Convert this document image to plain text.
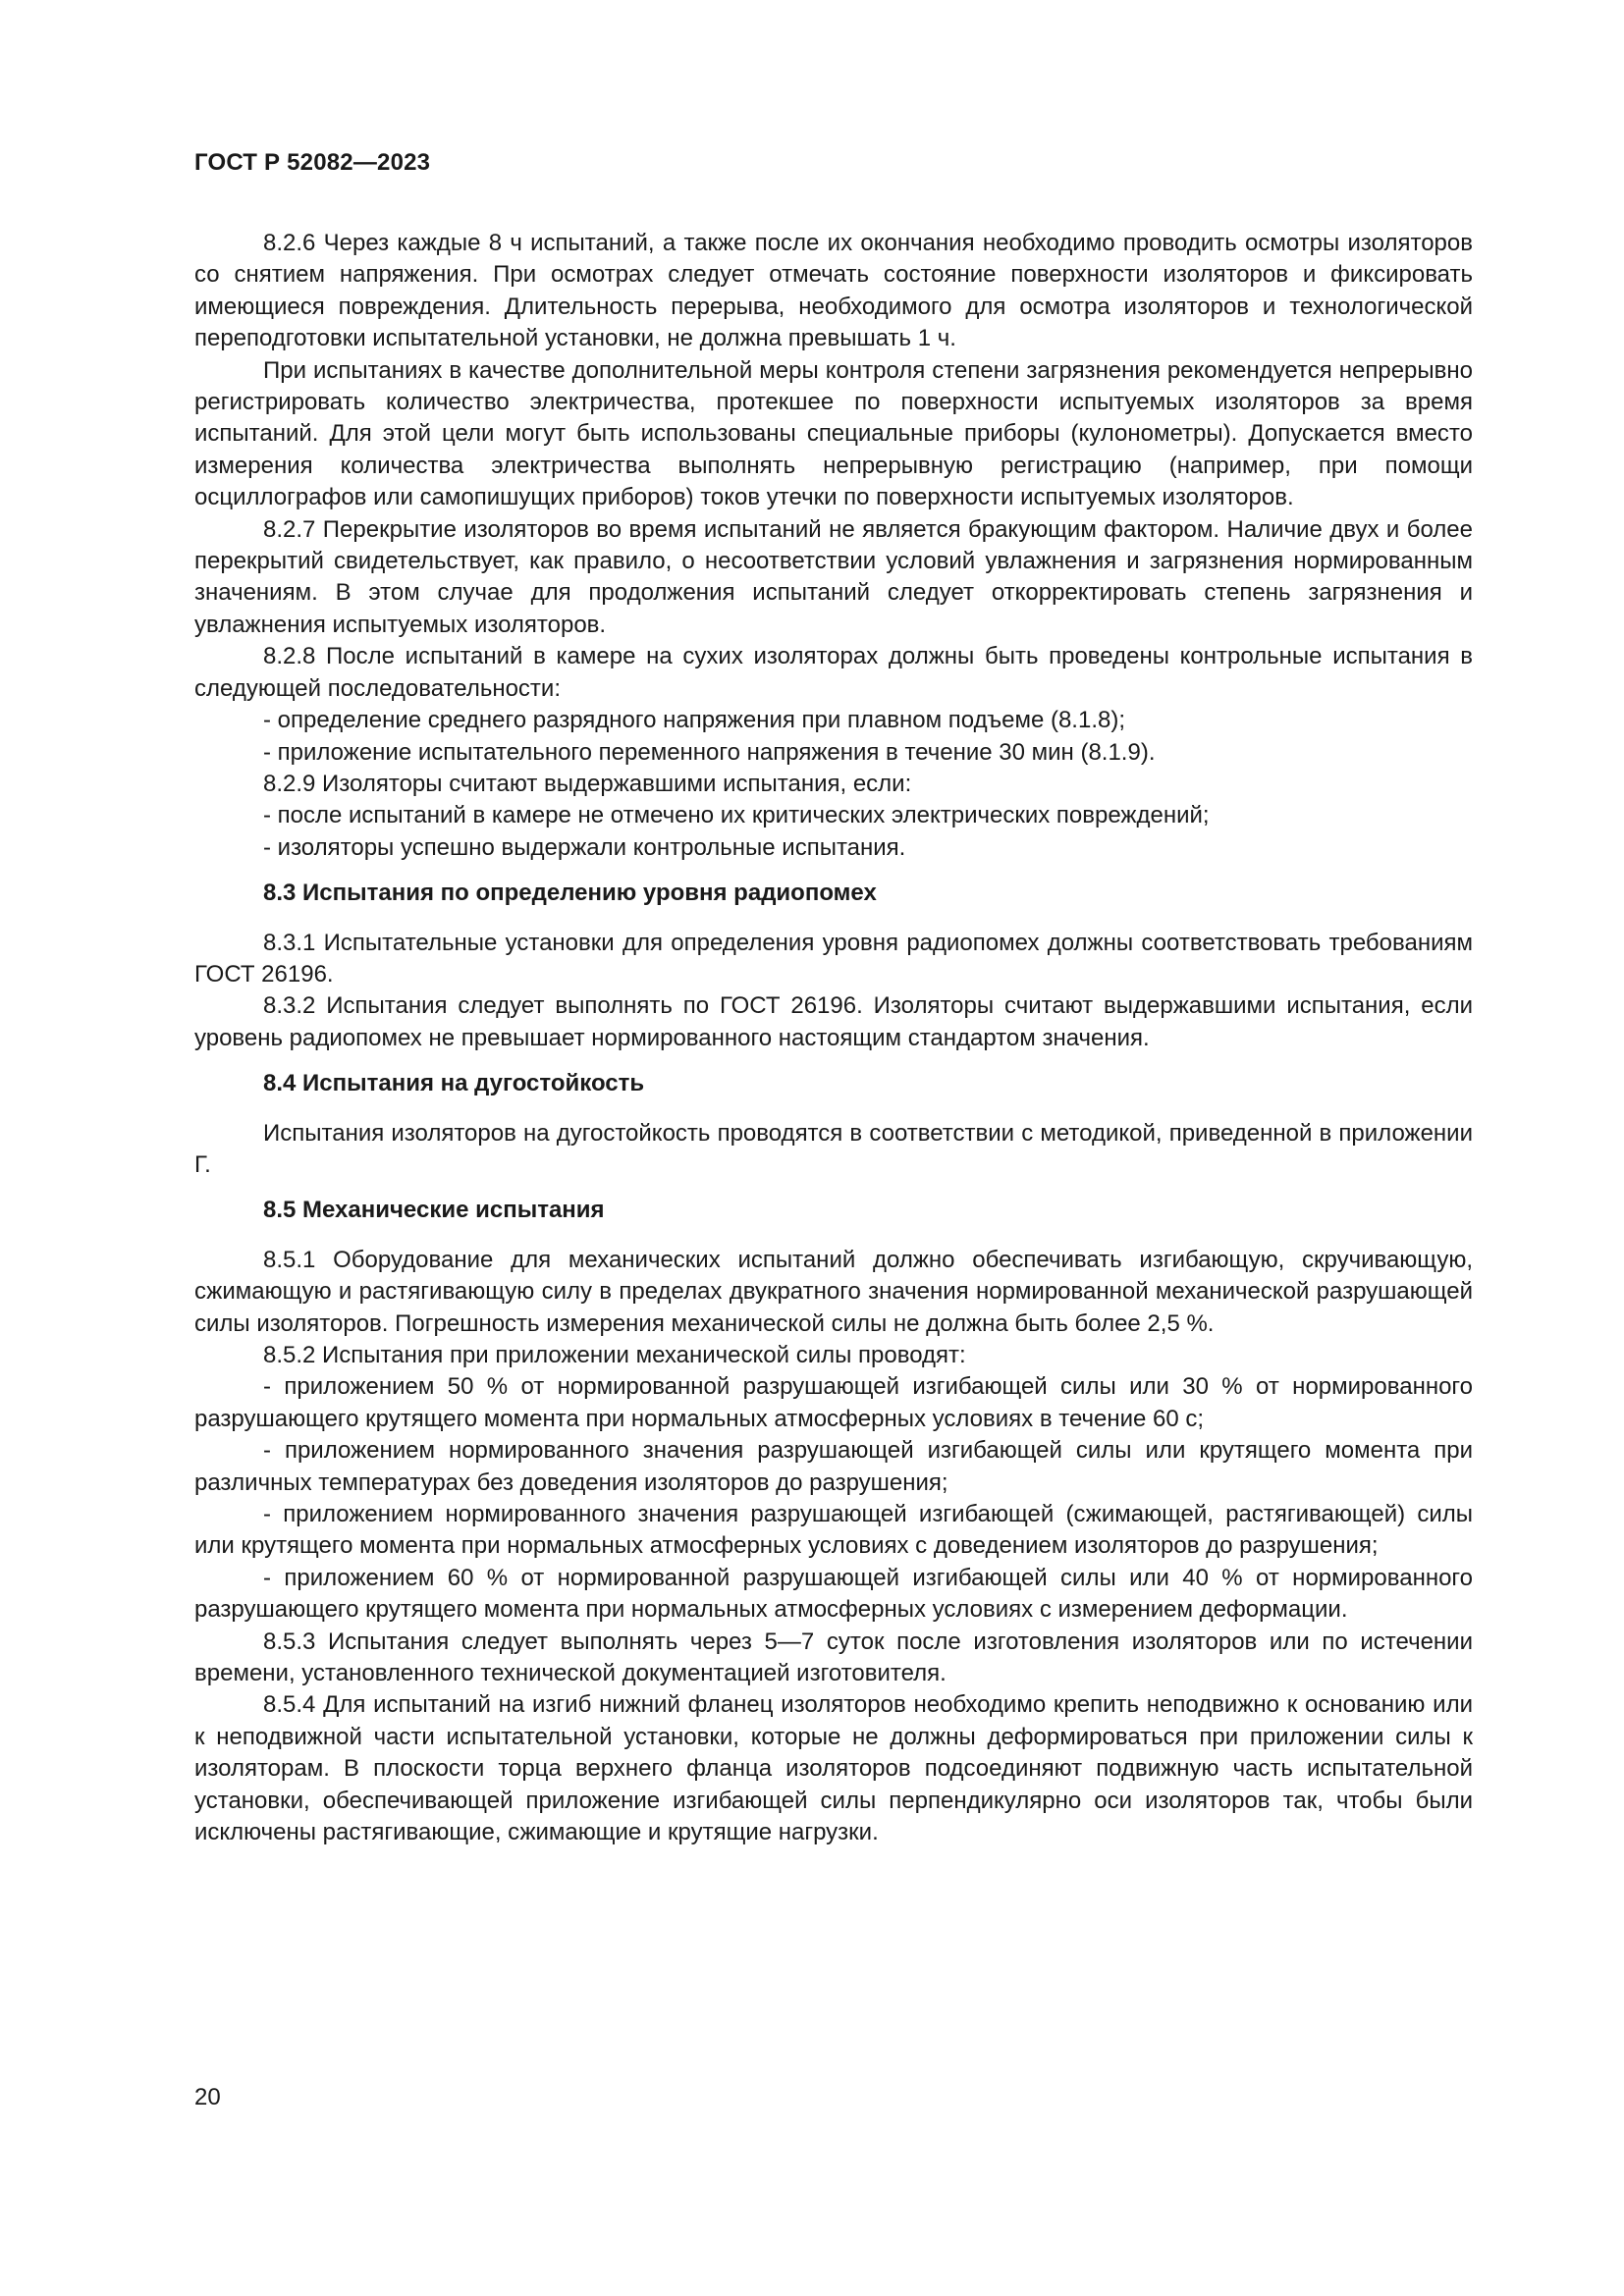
ГОСТ Р 52082—2023

8.2.6 Через каждые 8 ч испытаний, а также после их окончания необходимо проводить осмотры изоляторов со снятием напряжения. При осмотрах следует отмечать состояние поверхности изоляторов и фиксировать имеющиеся повреждения. Длительность перерыва, необходимого для осмотра изоляторов и технологической переподготовки испытательной установки, не должна превышать 1 ч.

При испытаниях в качестве дополнительной меры контроля степени загрязнения рекомендуется непрерывно регистрировать количество электричества, протекшее по поверхности испытуемых изоляторов за время испытаний. Для этой цели могут быть использованы специальные приборы (кулонометры). Допускается вместо измерения количества электричества выполнять непрерывную регистрацию (например, при помощи осциллографов или самопишущих приборов) токов утечки по поверхности испытуемых изоляторов.

8.2.7 Перекрытие изоляторов во время испытаний не является бракующим фактором. Наличие двух и более перекрытий свидетельствует, как правило, о несоответствии условий увлажнения и загрязнения нормированным значениям. В этом случае для продолжения испытаний следует откорректировать степень загрязнения и увлажнения испытуемых изоляторов.

8.2.8 После испытаний в камере на сухих изоляторах должны быть проведены контрольные испытания в следующей последовательности:

- определение среднего разрядного напряжения при плавном подъеме (8.1.8);

- приложение испытательного переменного напряжения в течение 30 мин (8.1.9).

8.2.9 Изоляторы считают выдержавшими испытания, если:

- после испытаний в камере не отмечено их критических электрических повреждений;

- изоляторы успешно выдержали контрольные испытания.

8.3 Испытания по определению уровня радиопомех

8.3.1 Испытательные установки для определения уровня радиопомех должны соответствовать требованиям ГОСТ 26196.

8.3.2 Испытания следует выполнять по ГОСТ 26196. Изоляторы считают выдержавшими испытания, если уровень радиопомех не превышает нормированного настоящим стандартом значения.

8.4 Испытания на дугостойкость

Испытания изоляторов на дугостойкость проводятся в соответствии с методикой, приведенной в приложении Г.

8.5 Механические испытания

8.5.1 Оборудование для механических испытаний должно обеспечивать изгибающую, скручивающую, сжимающую и растягивающую силу в пределах двукратного значения нормированной механической разрушающей силы изоляторов. Погрешность измерения механической силы не должна быть более 2,5 %.

8.5.2 Испытания при приложении механической силы проводят:

- приложением 50 % от нормированной разрушающей изгибающей силы или 30 % от нормированного разрушающего крутящего момента при нормальных атмосферных условиях в течение 60 с;

- приложением нормированного значения разрушающей изгибающей силы или крутящего момента при различных температурах без доведения изоляторов до разрушения;

- приложением нормированного значения разрушающей изгибающей (сжимающей, растягивающей) силы или крутящего момента при нормальных атмосферных условиях с доведением изоляторов до разрушения;

- приложением 60 % от нормированной разрушающей изгибающей силы или 40 % от нормированного разрушающего крутящего момента при нормальных атмосферных условиях с измерением деформации.

8.5.3 Испытания следует выполнять через 5—7 суток после изготовления изоляторов или по истечении времени, установленного технической документацией изготовителя.

8.5.4 Для испытаний на изгиб нижний фланец изоляторов необходимо крепить неподвижно к основанию или к неподвижной части испытательной установки, которые не должны деформироваться при приложении силы к изоляторам. В плоскости торца верхнего фланца изоляторов подсоединяют подвижную часть испытательной установки, обеспечивающей приложение изгибающей силы перпендикулярно оси изоляторов так, чтобы были исключены растягивающие, сжимающие и крутящие нагрузки.

20
